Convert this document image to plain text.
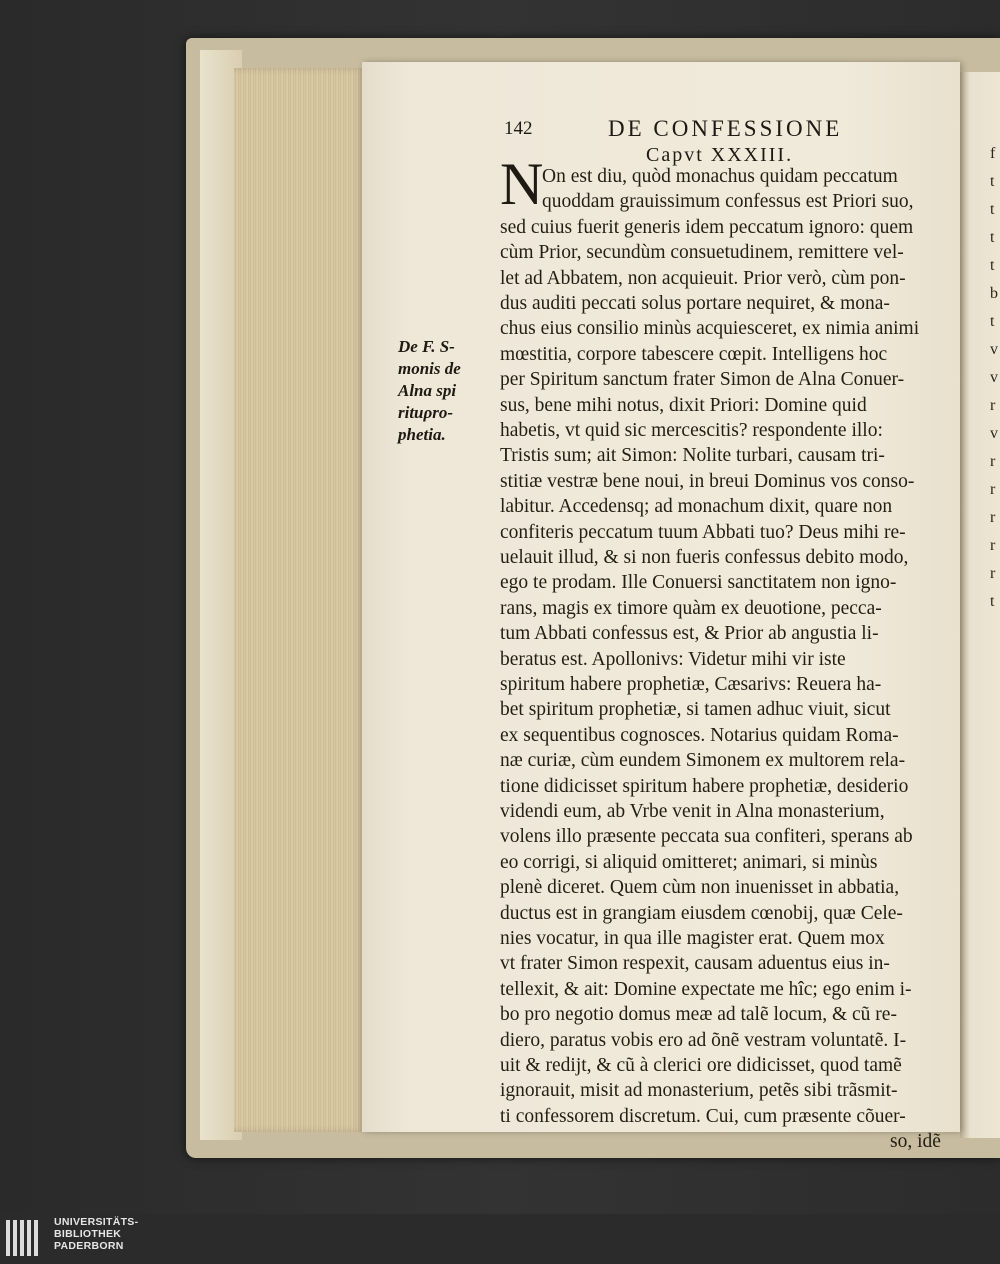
142	DE CONFESSIONE
Capvt XXXIII.
N
De F. S-
monis de
Alna spi
rituρro-
phetia.
On est diu, quòd monachus quidam peccatum
quoddam grauissimum confessus est Priori suo,
sed cuius fuerit generis idem peccatum ignoro: quem
cùm Prior, secundùm consuetudinem, remittere vel-
let ad Abbatem, non acquieuit. Prior verò, cùm pon-
dus auditi peccati solus portare nequiret, & mona-
chus eius consilio minùs acquiesceret, ex nimia animi
mœstitia, corpore tabescere cœpit. Intelligens hoc
per Spiritum sanctum frater Simon de Alna Conuer-
sus, bene mihi notus, dixit Priori: Domine quid
habetis, vt quid sic mercescitis? respondente illo:
Tristis sum; ait Simon: Nolite turbari, causam tri-
stitiæ vestræ bene noui, in breui Dominus vos conso-
labitur. Accedensq; ad monachum dixit, quare non
confiteris peccatum tuum Abbati tuo? Deus mihi re-
uelauit illud, & si non fueris confessus debito modo,
ego te prodam. Ille Conuersi sanctitatem non igno-
rans, magis ex timore quàm ex deuotione, pecca-
tum Abbati confessus est, & Prior ab angustia li-
beratus est. Apollonivs: Videtur mihi vir iste
spiritum habere prophetiæ, Cæsarivs: Reuera ha-
bet spiritum prophetiæ, si tamen adhuc viuit, sicut
ex sequentibus cognosces. Notarius quidam Roma-
næ curiæ, cùm eundem Simonem ex multorem rela-
tione didicisset spiritum habere prophetiæ, desiderio
videndi eum, ab Vrbe venit in Alna monasterium,
volens illo præsente peccata sua confiteri, sperans ab
eo corrigi, si aliquid omitteret; animari, si minùs
plenè diceret. Quem cùm non inuenisset in abbatia,
ductus est in grangiam eiusdem cœnobij, quæ Cele-
nies vocatur, in qua ille magister erat. Quem mox
vt frater Simon respexit, causam aduentus eius in-
tellexit, & ait: Domine expectate me hîc; ego enim i-
bo pro negotio domus meæ ad talẽ locum, & cũ re-
diero, paratus vobis ero ad õnẽ vestram voluntatẽ. I-
uit & redijt, & cũ à clerici ore didicisset, quod tamẽ
ignorauit, misit ad monasterium, petẽs sibi trãsmit-
ti confessorem discretum. Cui, cum præsente cõuer-
so, idẽ
f
t
t
t
t
b
t
v
v
r
v
r
r
r
r
r
t
UNIVERSITÄTS-
BIBLIOTHEK
PADERBORN
